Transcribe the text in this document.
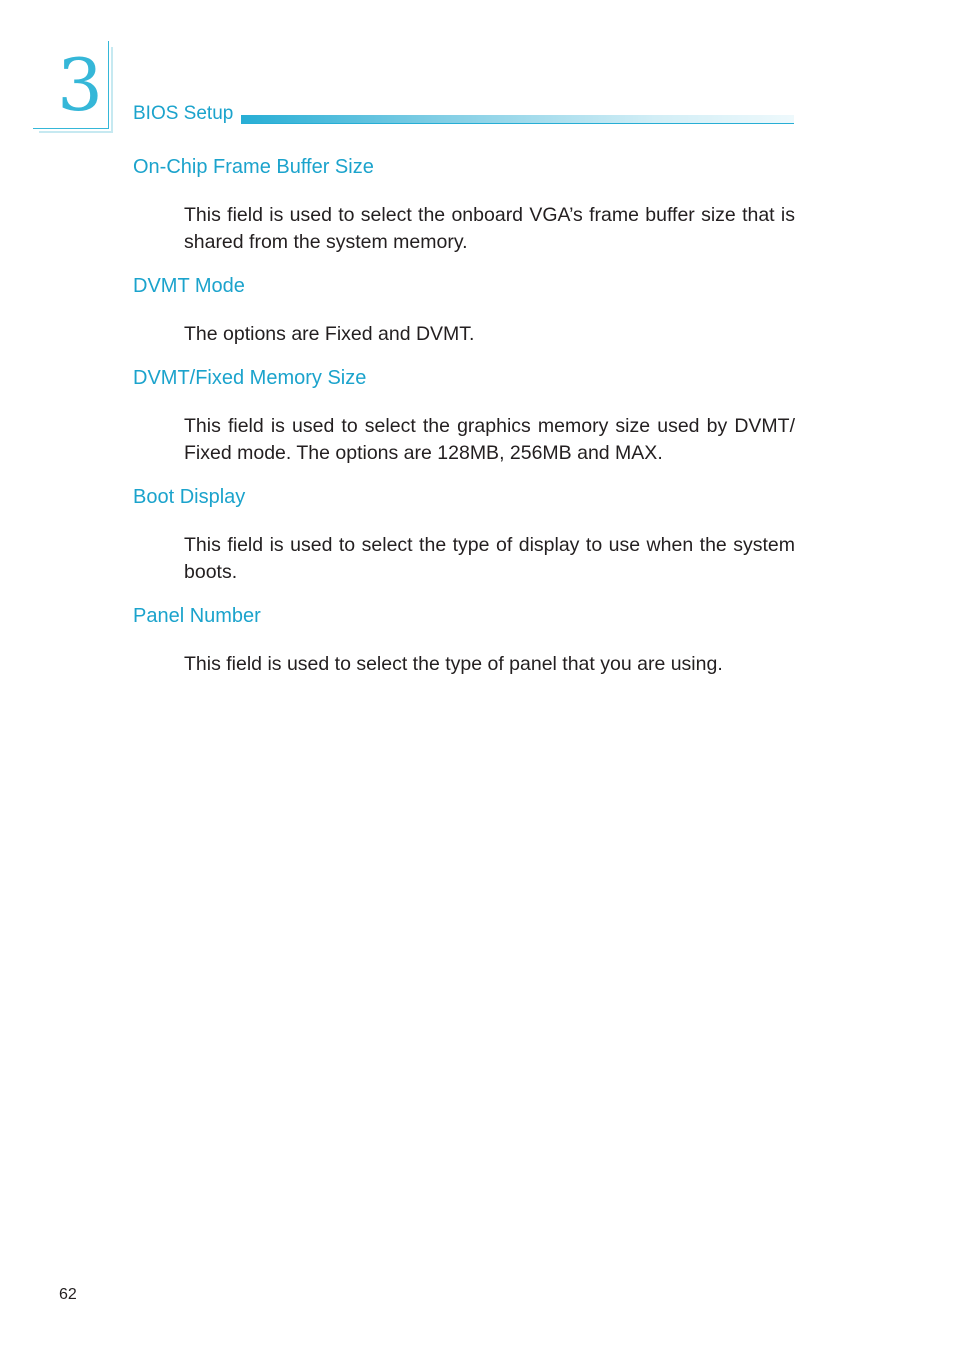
3	BIOS Setup
On-Chip Frame Buffer Size
This field is used to select the onboard VGA’s frame buffer size that is shared from the system memory.
DVMT Mode
The options are Fixed and DVMT.
DVMT/Fixed Memory Size
This field is used to select the graphics memory size used by DVMT/ Fixed mode. The options are 128MB, 256MB and MAX.
Boot Display
This field is used to select the type of display to use when the system boots.
Panel Number
This field is used to select the type of panel that you are using.
62
